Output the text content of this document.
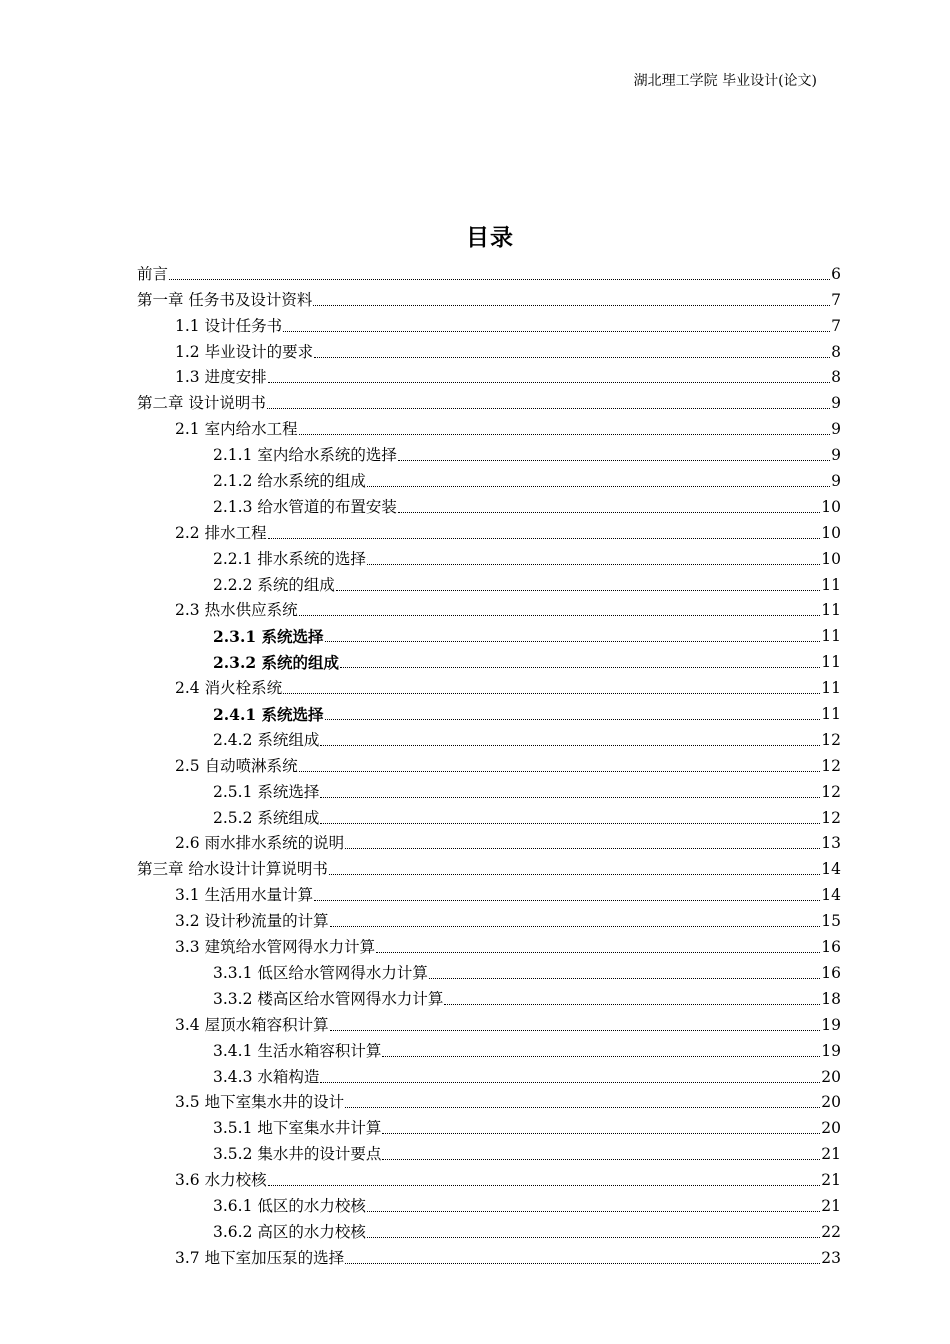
湖北理工学院 毕业设计(论文)
目录
前言	6
第一章 任务书及设计资料	7
1.1 设计任务书	7
1.2 毕业设计的要求	8
1.3 进度安排	8
第二章 设计说明书	9
2.1 室内给水工程	9
2.1.1 室内给水系统的选择	9
2.1.2 给水系统的组成	9
2.1.3 给水管道的布置安装	10
2.2 排水工程	10
2.2.1 排水系统的选择	10
2.2.2 系统的组成	11
2.3 热水供应系统	11
2.3.1 系统选择	11
2.3.2 系统的组成	11
2.4 消火栓系统	11
2.4.1 系统选择	11
2.4.2 系统组成	12
2.5 自动喷淋系统	12
2.5.1 系统选择	12
2.5.2 系统组成	12
2.6 雨水排水系统的说明	13
第三章 给水设计计算说明书	14
3.1 生活用水量计算	14
3.2 设计秒流量的计算	15
3.3 建筑给水管网得水力计算	16
3.3.1 低区给水管网得水力计算	16
3.3.2 楼高区给水管网得水力计算	18
3.4 屋顶水箱容积计算	19
3.4.1 生活水箱容积计算	19
3.4.3 水箱构造	20
3.5 地下室集水井的设计	20
3.5.1 地下室集水井计算	20
3.5.2 集水井的设计要点	21
3.6 水力校核	21
3.6.1 低区的水力校核	21
3.6.2 高区的水力校核	22
3.7 地下室加压泵的选择	23
